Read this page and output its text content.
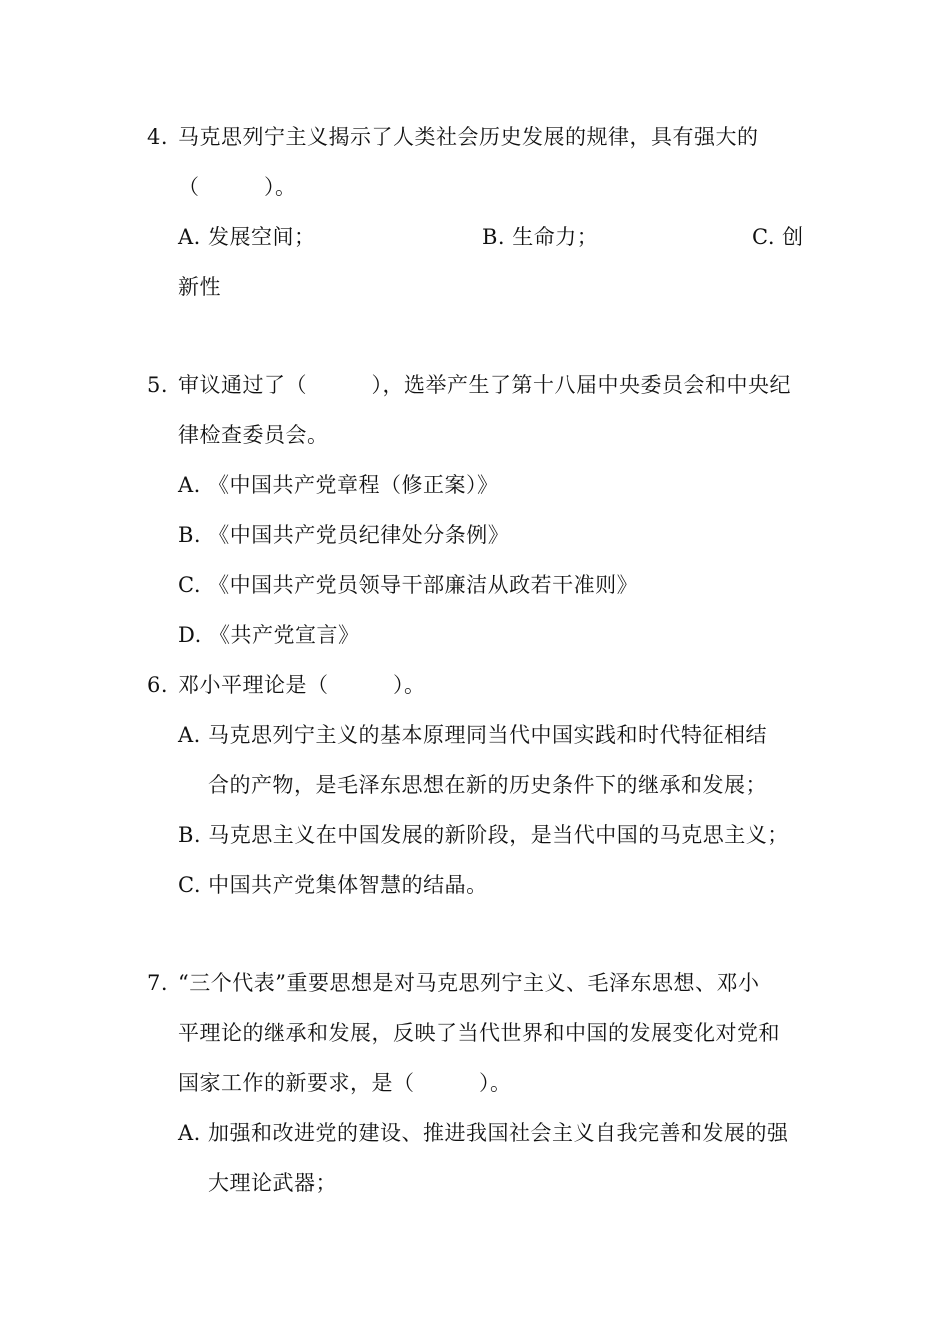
4. 马克思列宁主义揭示了人类社会历史发展的规律，具有强大的
（　　　）。
A. 发展空间；	B. 生命力；	C. 创
新性
5. 审议通过了（　　　），选举产生了第十八届中央委员会和中央纪
律检查委员会。
A. 《中国共产党章程（修正案）》
B. 《中国共产党员纪律处分条例》
C. 《中国共产党员领导干部廉洁从政若干准则》
D. 《共产党宣言》
6. 邓小平理论是（　　　）。
A. 马克思列宁主义的基本原理同当代中国实践和时代特征相结
合的产物，是毛泽东思想在新的历史条件下的继承和发展；
B. 马克思主义在中国发展的新阶段，是当代中国的马克思主义；
C. 中国共产党集体智慧的结晶。
7. “三个代表”重要思想是对马克思列宁主义、毛泽东思想、邓小
平理论的继承和发展，反映了当代世界和中国的发展变化对党和
国家工作的新要求，是（　　　）。
A. 加强和改进党的建设、推进我国社会主义自我完善和发展的强
大理论武器；
